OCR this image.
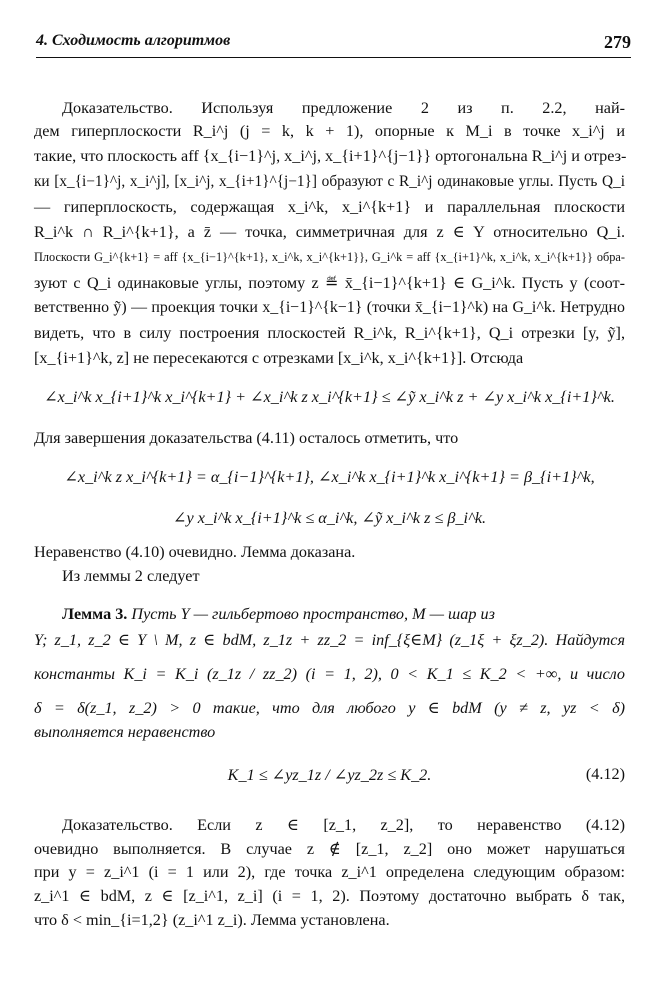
4. Сходимость алгоритмов	279
Доказательство. Используя предложение 2 из п. 2.2, най-
дем гиперплоскости R_i^j (j = k, k + 1), опорные к M_i в точке x_i^j и
такие, что плоскость aff {x_{i−1}^j, x_i^j, x_{i+1}^{j−1}} ортогональна R_i^j и отрез-
ки [x_{i−1}^j, x_i^j], [x_i^j, x_{i+1}^{j−1}] образуют с R_i^j одинаковые углы. Пусть Q_i
— гиперплоскость, содержащая x_i^k, x_i^{k+1} и параллельная плоскости
R_i^k ∩ R_i^{k+1}, а z̄ — точка, симметричная для z ∈ Y относительно Q_i.
Плоскости G_i^{k+1} = aff {x_{i−1}^{k+1}, x_i^k, x_i^{k+1}}, G_i^k = aff {x_{i+1}^k, x_i^k, x_i^{k+1}} обра-
зуют с Q_i одинаковые углы, поэтому z ≝ x̄_{i−1}^{k+1} ∈ G_i^k. Пусть y (соот-
ветственно ỹ) — проекция точки x_{i−1}^{k−1} (точки x̄_{i−1}^k) на G_i^k. Нетрудно
видеть, что в силу построения плоскостей R_i^k, R_i^{k+1}, Q_i отрезки [y, ỹ],
[x_{i+1}^k, z] не пересекаются с отрезками [x_i^k, x_i^{k+1}]. Отсюда
∠x_i^k x_{i+1}^k x_i^{k+1} + ∠x_i^k z x_i^{k+1} ≤ ∠ỹ x_i^k z + ∠y x_i^k x_{i+1}^k.
Для завершения доказательства (4.11) осталось отметить, что
∠x_i^k z x_i^{k+1} = α_{i−1}^{k+1}, ∠x_i^k x_{i+1}^k x_i^{k+1} = β_{i+1}^k,
∠y x_i^k x_{i+1}^k ≤ α_i^k, ∠ỹ x_i^k z ≤ β_i^k.
Неравенство (4.10) очевидно. Лемма доказана.
Из леммы 2 следует
Лемма 3. Пусть Y — гильбертово пространство, M — шар из
Y; z_1, z_2 ∈ Y \ M, z ∈ bdM, z_1z + zz_2 = inf_{ξ∈M} (z_1ξ + ξz_2). Найдутся
константы K_i = K_i (z_1z / zz_2) (i = 1, 2), 0 < K_1 ≤ K_2 < +∞, и число
δ = δ(z_1, z_2) > 0 такие, что для любого y ∈ bdM (y ≠ z, yz < δ)
выполняется неравенство
K_1 ≤ ∠yz_1z / ∠yz_2z ≤ K_2.	(4.12)
Доказательство. Если z ∈ [z_1, z_2], то неравенство (4.12)
очевидно выполняется. В случае z ∉ [z_1, z_2] оно может нарушаться
при y = z_i^1 (i = 1 или 2), где точка z_i^1 определена следующим образом:
z_i^1 ∈ bdM, z ∈ [z_i^1, z_i] (i = 1, 2). Поэтому достаточно выбрать δ так,
что δ < min_{i=1,2} (z_i^1 z_i). Лемма установлена.
